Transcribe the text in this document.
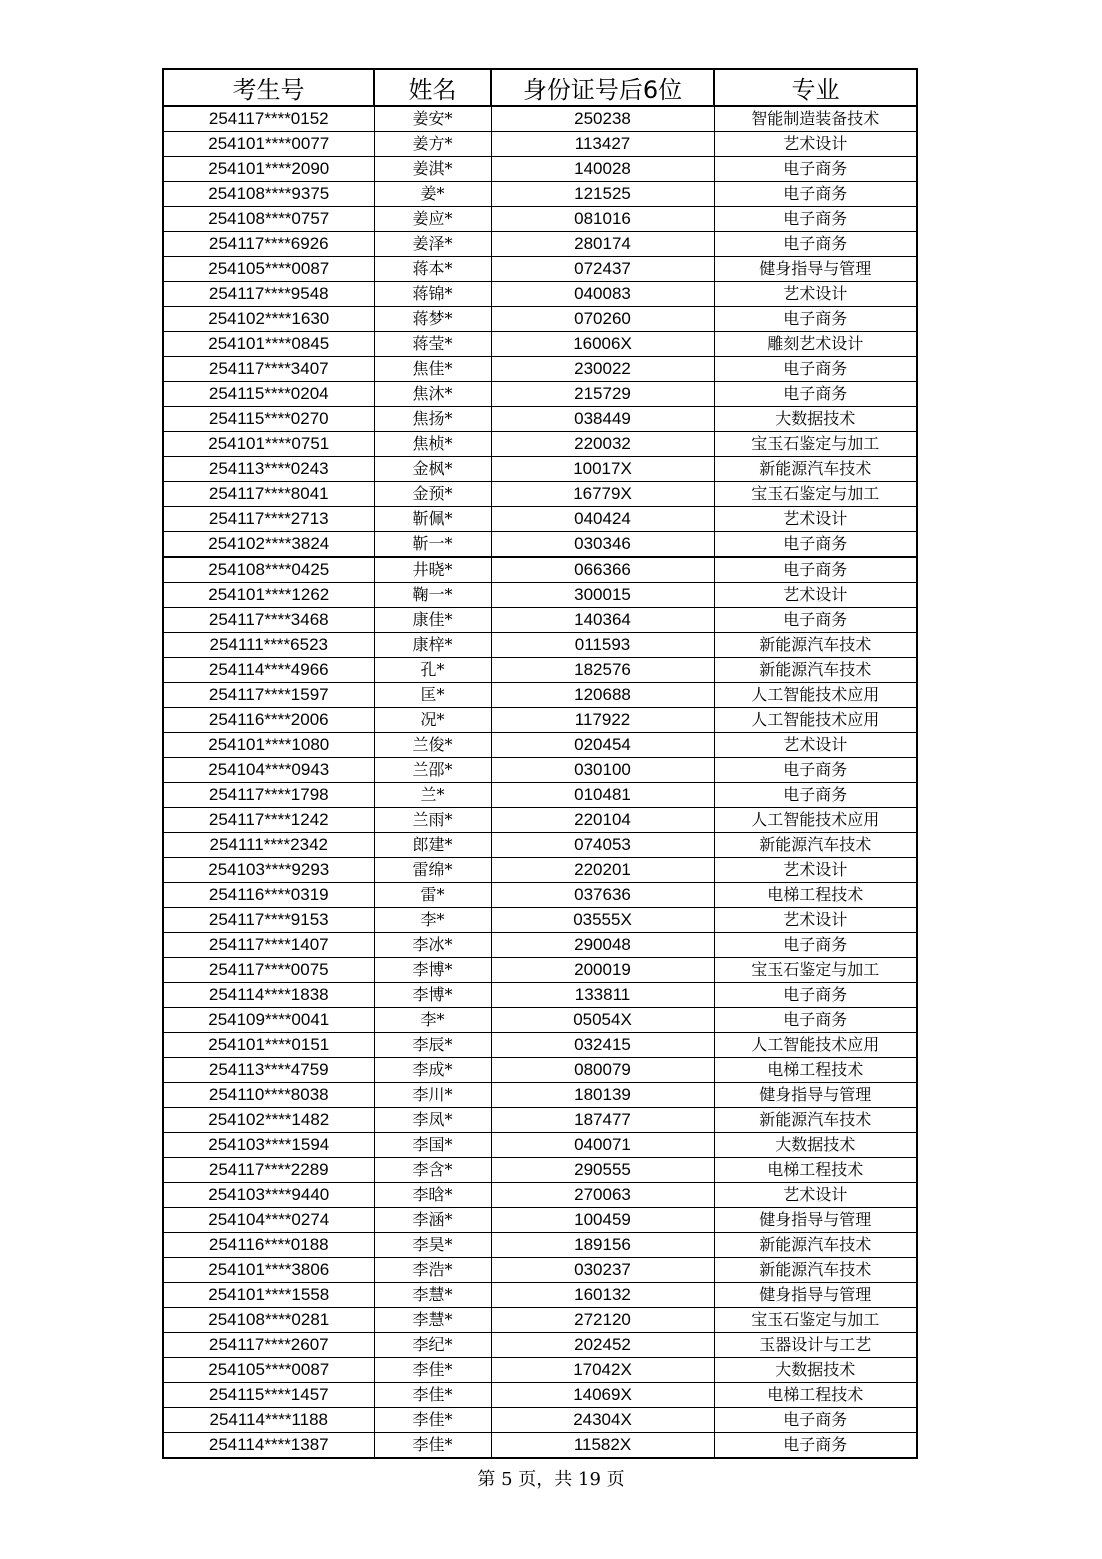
考生号	姓名	身份证号后6位	专业
254117****0152	姜安*	250238	智能制造装备技术
254101****0077	姜方*	113427	艺术设计
254101****2090	姜淇*	140028	电子商务
254108****9375	姜*	121525	电子商务
254108****0757	姜应*	081016	电子商务
254117****6926	姜泽*	280174	电子商务
254105****0087	蒋本*	072437	健身指导与管理
254117****9548	蒋锦*	040083	艺术设计
254102****1630	蒋梦*	070260	电子商务
254101****0845	蒋莹*	16006X	雕刻艺术设计
254117****3407	焦佳*	230022	电子商务
254115****0204	焦沐*	215729	电子商务
254115****0270	焦扬*	038449	大数据技术
254101****0751	焦桢*	220032	宝玉石鉴定与加工
254113****0243	金枫*	10017X	新能源汽车技术
254117****8041	金预*	16779X	宝玉石鉴定与加工
254117****2713	靳佩*	040424	艺术设计
254102****3824	靳一*	030346	电子商务
254108****0425	井晓*	066366	电子商务
254101****1262	鞠一*	300015	艺术设计
254117****3468	康佳*	140364	电子商务
254111****6523	康梓*	011593	新能源汽车技术
254114****4966	孔*	182576	新能源汽车技术
254117****1597	匡*	120688	人工智能技术应用
254116****2006	况*	117922	人工智能技术应用
254101****1080	兰俊*	020454	艺术设计
254104****0943	兰邵*	030100	电子商务
254117****1798	兰*	010481	电子商务
254117****1242	兰雨*	220104	人工智能技术应用
254111****2342	郎建*	074053	新能源汽车技术
254103****9293	雷绵*	220201	艺术设计
254116****0319	雷*	037636	电梯工程技术
254117****9153	李*	03555X	艺术设计
254117****1407	李冰*	290048	电子商务
254117****0075	李博*	200019	宝玉石鉴定与加工
254114****1838	李博*	133811	电子商务
254109****0041	李*	05054X	电子商务
254101****0151	李辰*	032415	人工智能技术应用
254113****4759	李成*	080079	电梯工程技术
254110****8038	李川*	180139	健身指导与管理
254102****1482	李凤*	187477	新能源汽车技术
254103****1594	李国*	040071	大数据技术
254117****2289	李含*	290555	电梯工程技术
254103****9440	李晗*	270063	艺术设计
254104****0274	李涵*	100459	健身指导与管理
254116****0188	李昊*	189156	新能源汽车技术
254101****3806	李浩*	030237	新能源汽车技术
254101****1558	李慧*	160132	健身指导与管理
254108****0281	李慧*	272120	宝玉石鉴定与加工
254117****2607	李纪*	202452	玉器设计与工艺
254105****0087	李佳*	17042X	大数据技术
254115****1457	李佳*	14069X	电梯工程技术
254114****1188	李佳*	24304X	电子商务
254114****1387	李佳*	11582X	电子商务
第 5 页，共 19 页
